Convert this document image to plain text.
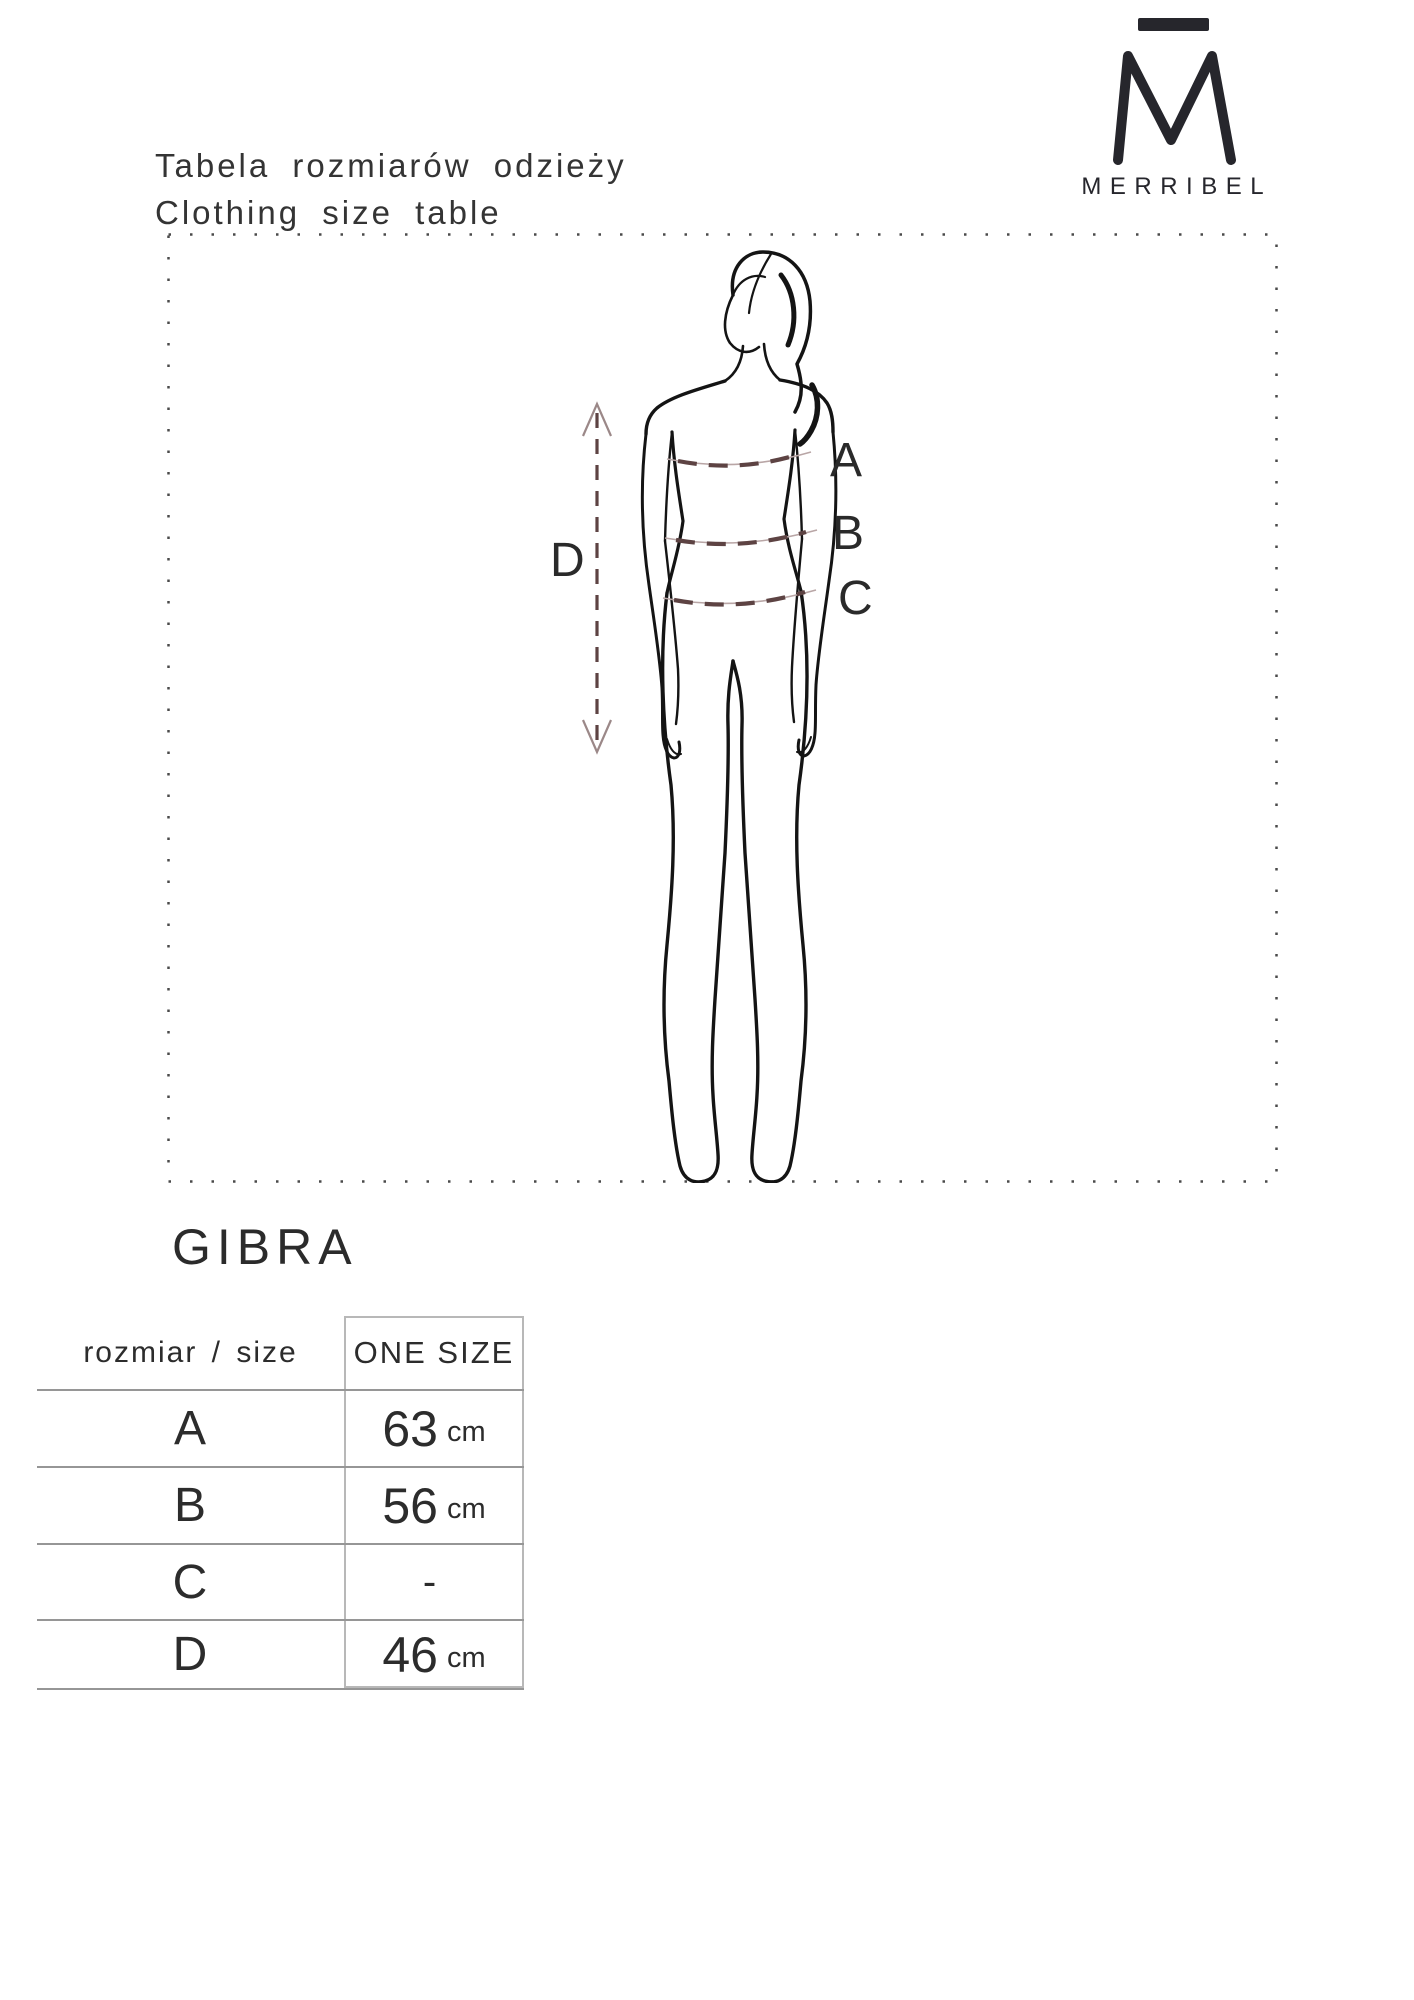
Tabela rozmiarów odzieży
Clothing size table
MERRIBEL
A
B
C
D
GIBRA
rozmiar / size	ONE SIZE
A	63 cm
B	56 cm
C	-
D	46 cm
